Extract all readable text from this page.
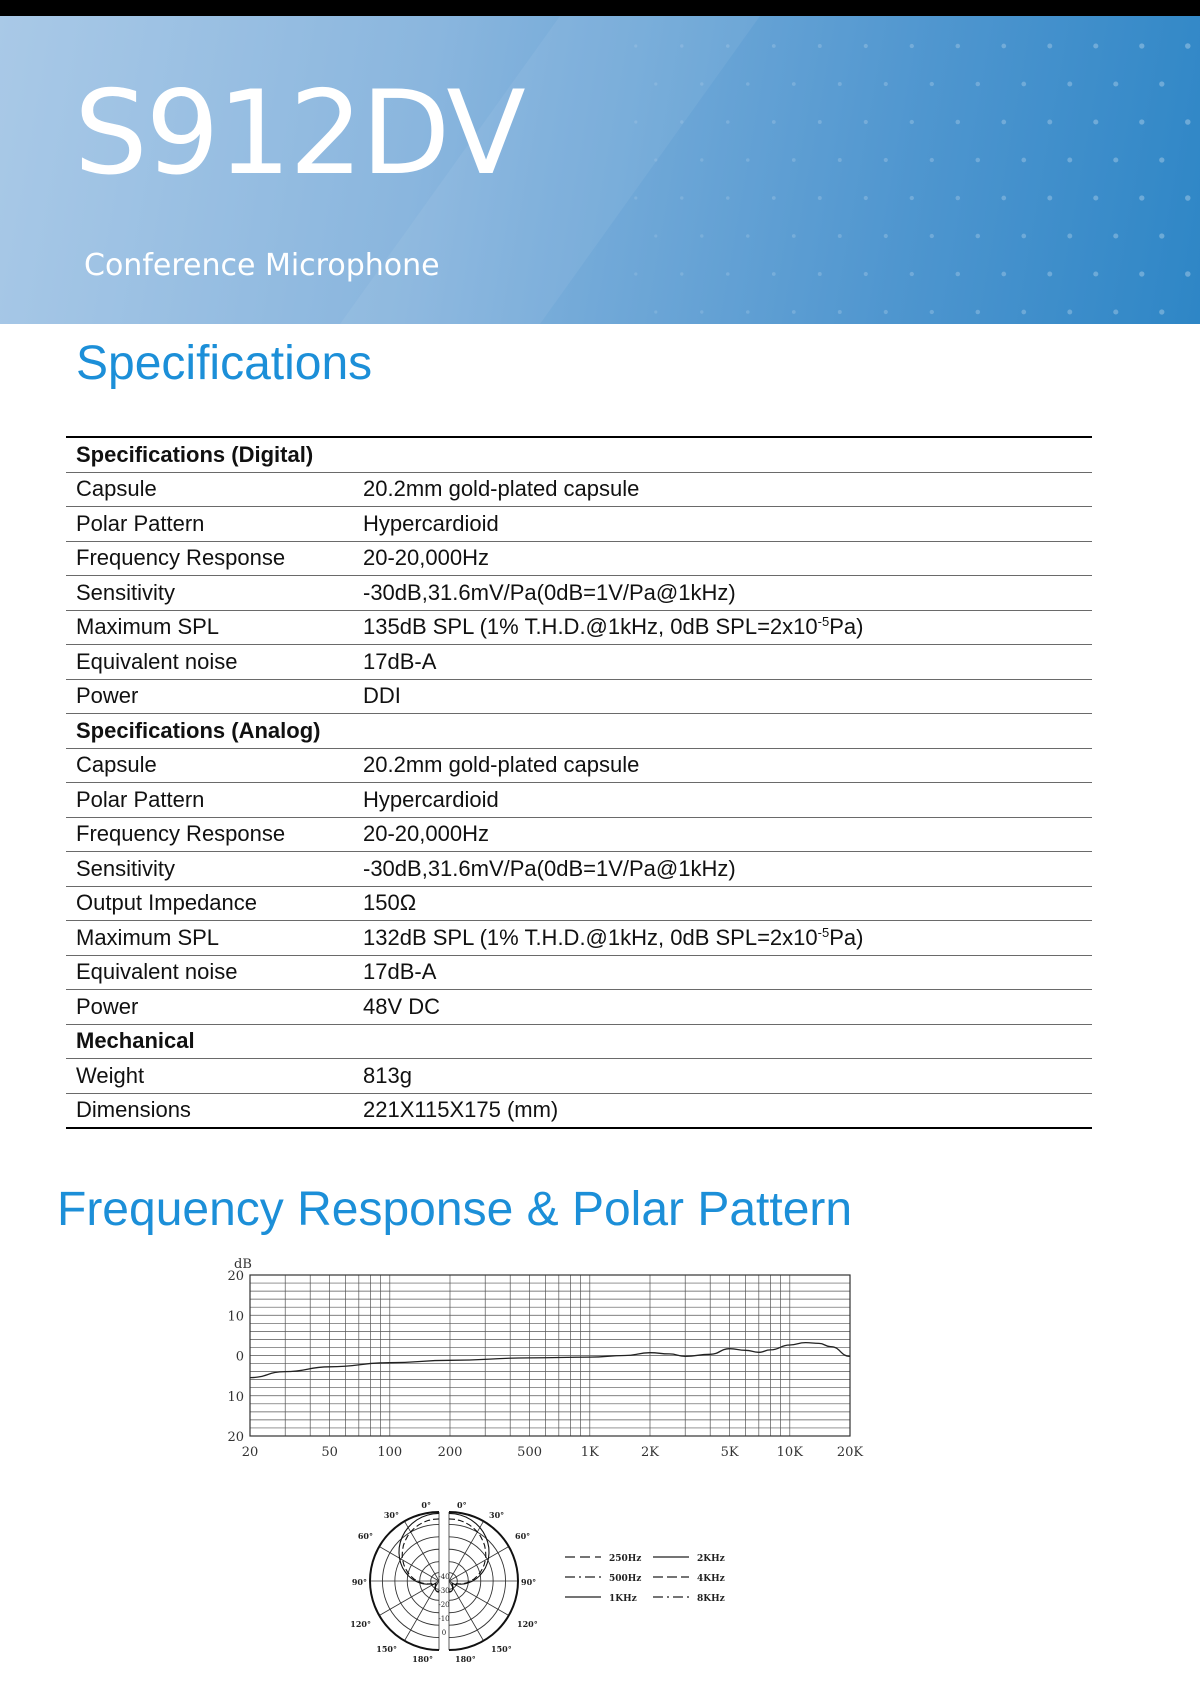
S912DV

Conference Microphone

Specifications
Specifications (Digital)	
Capsule	20.2mm gold-plated capsule
Polar Pattern	Hypercardioid
Frequency Response	20-20,000Hz
Sensitivity	-30dB,31.6mV/Pa(0dB=1V/Pa@1kHz)
Maximum SPL	135dB SPL (1% T.H.D.@1kHz, 0dB $SPL=2x10^{-5}Pa$)
Equivalent noise	17dB-A
Power	DDI
Specifications (Analog)	
Capsule	20.2mm gold-plated capsule
Polar Pattern	Hypercardioid
Frequency Response	20-20,000Hz
Sensitivity	-30dB,31.6mV/Pa(0dB=1V/Pa@1kHz)
Output Impedance	150Ω
Maximum SPL	132dB SPL (1% T.H.D.@1kHz, 0dB $SPL=2x10^{-5}Pa$)
Equivalent noise	17dB-A
Power	48V DC
Mechanical	
Weight	813g
Dimensions	221X115X175 (mm)
Frequency Response & Polar Pattern
dB
20
10
0
10
20
20	50	100	200	500	1K	2K	5K	10K	20K
0°	0°
30°	30°
60°	60°
90°	90°
120°	120°
150°	150°
180°	180°
-40
-30
-20
-10
0
250Hz
500Hz
1KHz
2KHz
4KHz
8KHz
